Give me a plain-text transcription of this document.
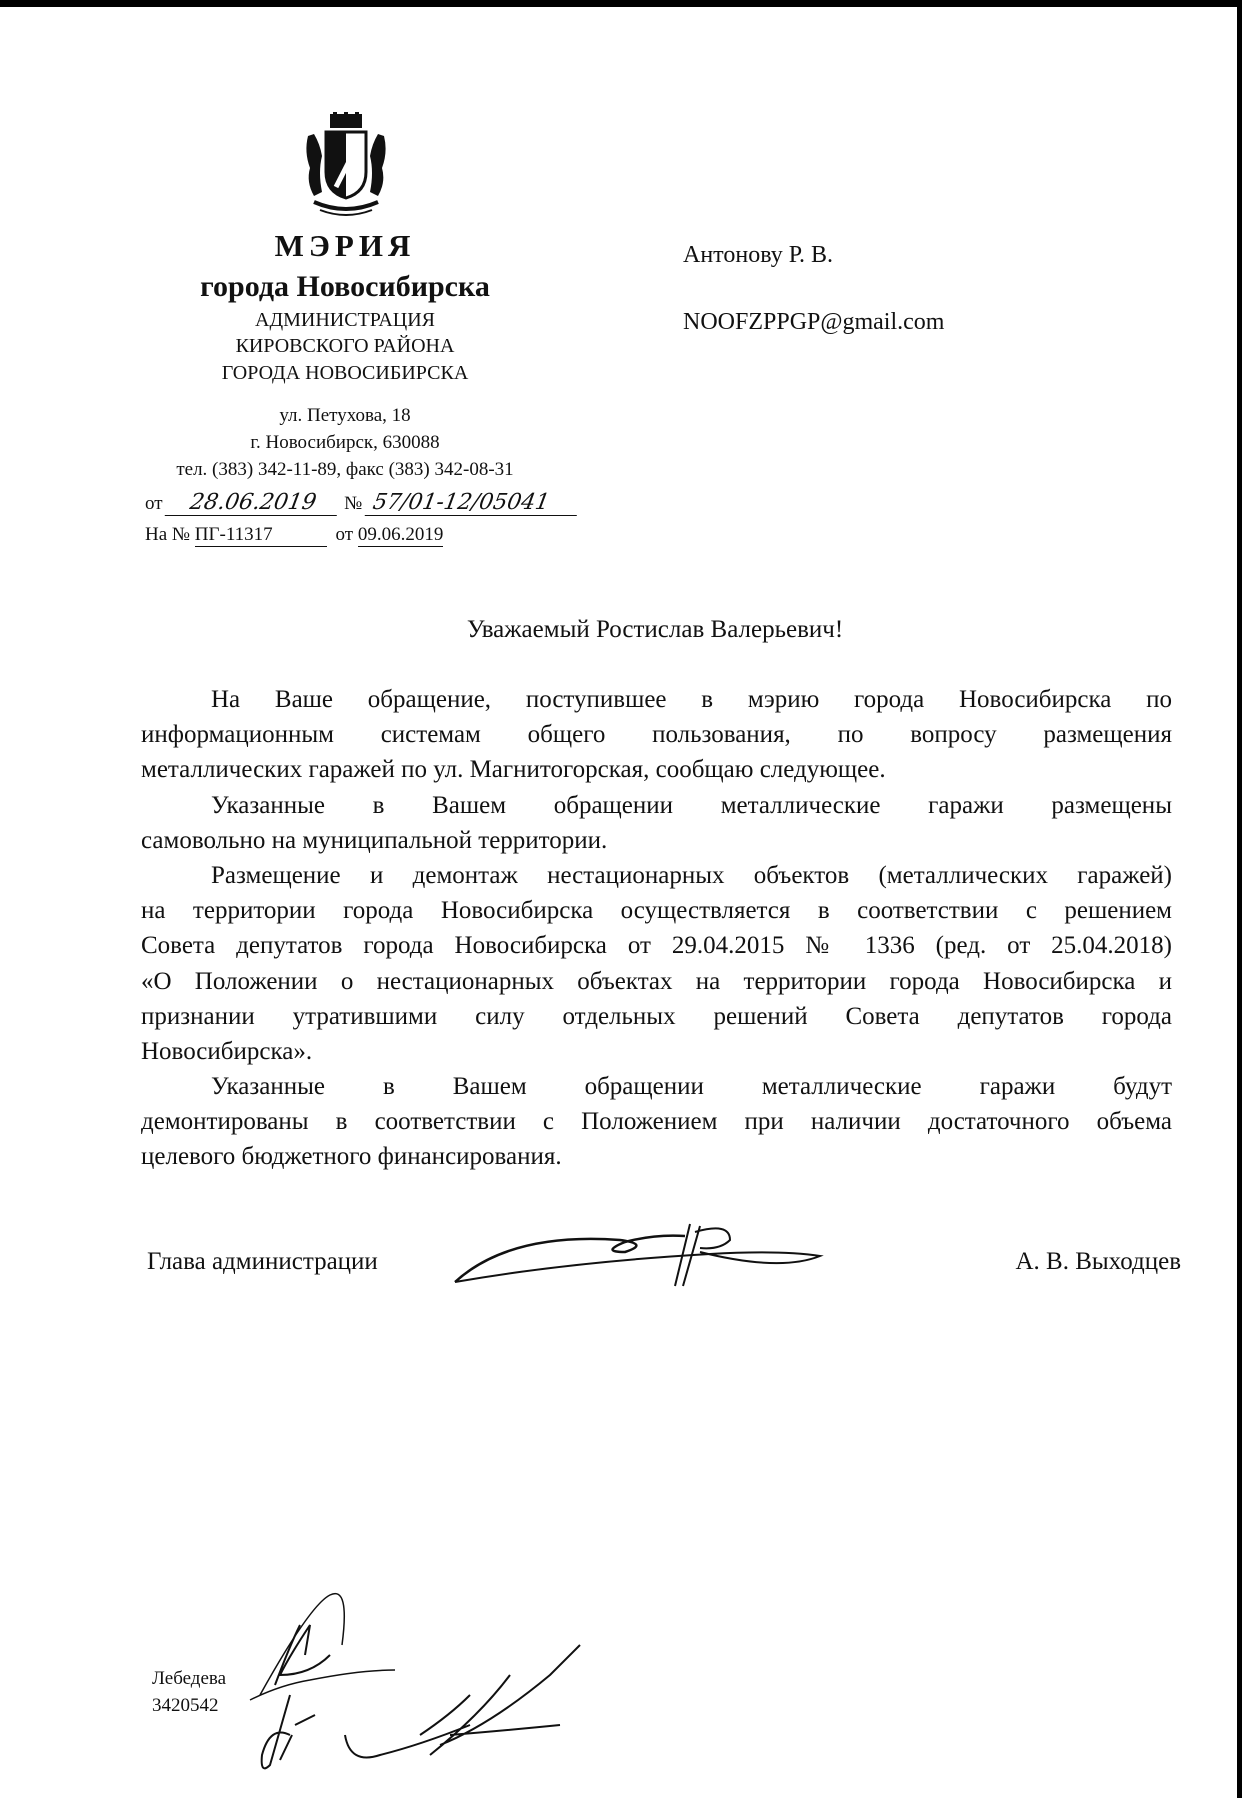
МЭРИЯ
города Новосибирска
АДМИНИСТРАЦИЯ
КИРОВСКОГО РАЙОНА
ГОРОДА НОВОСИБИРСКА
ул. Петухова, 18
г. Новосибирск, 630088
тел. (383) 342-11-89, факс (383) 342-08-31
от 28.06.2019 № 57/01-12/05041
На № ПГ-11317	от 09.06.2019
Антонову Р. В.
NOOFZPPGP@gmail.com
Уважаемый Ростислав Валерьевич!
На Ваше обращение, поступившее в мэрию города Новосибирска по
информационным системам общего пользования, по вопросу размещения
металлических гаражей по ул. Магнитогорская, сообщаю следующее.
Указанные в Вашем обращении металлические гаражи размещены
самовольно на муниципальной территории.
Размещение и демонтаж нестационарных объектов (металлических гаражей)
на территории города Новосибирска осуществляется в соответствии с решением
Совета депутатов города Новосибирска от 29.04.2015 № 1336 (ред. от 25.04.2018)
«О Положении о нестационарных объектах на территории города Новосибирска и
признании утратившими силу отдельных решений Совета депутатов города
Новосибирска».
Указанные в Вашем обращении металлические гаражи будут
демонтированы в соответствии с Положением при наличии достаточного объема
целевого бюджетного финансирования.
Глава администрации	А. В. Выходцев
Лебедева
3420542
